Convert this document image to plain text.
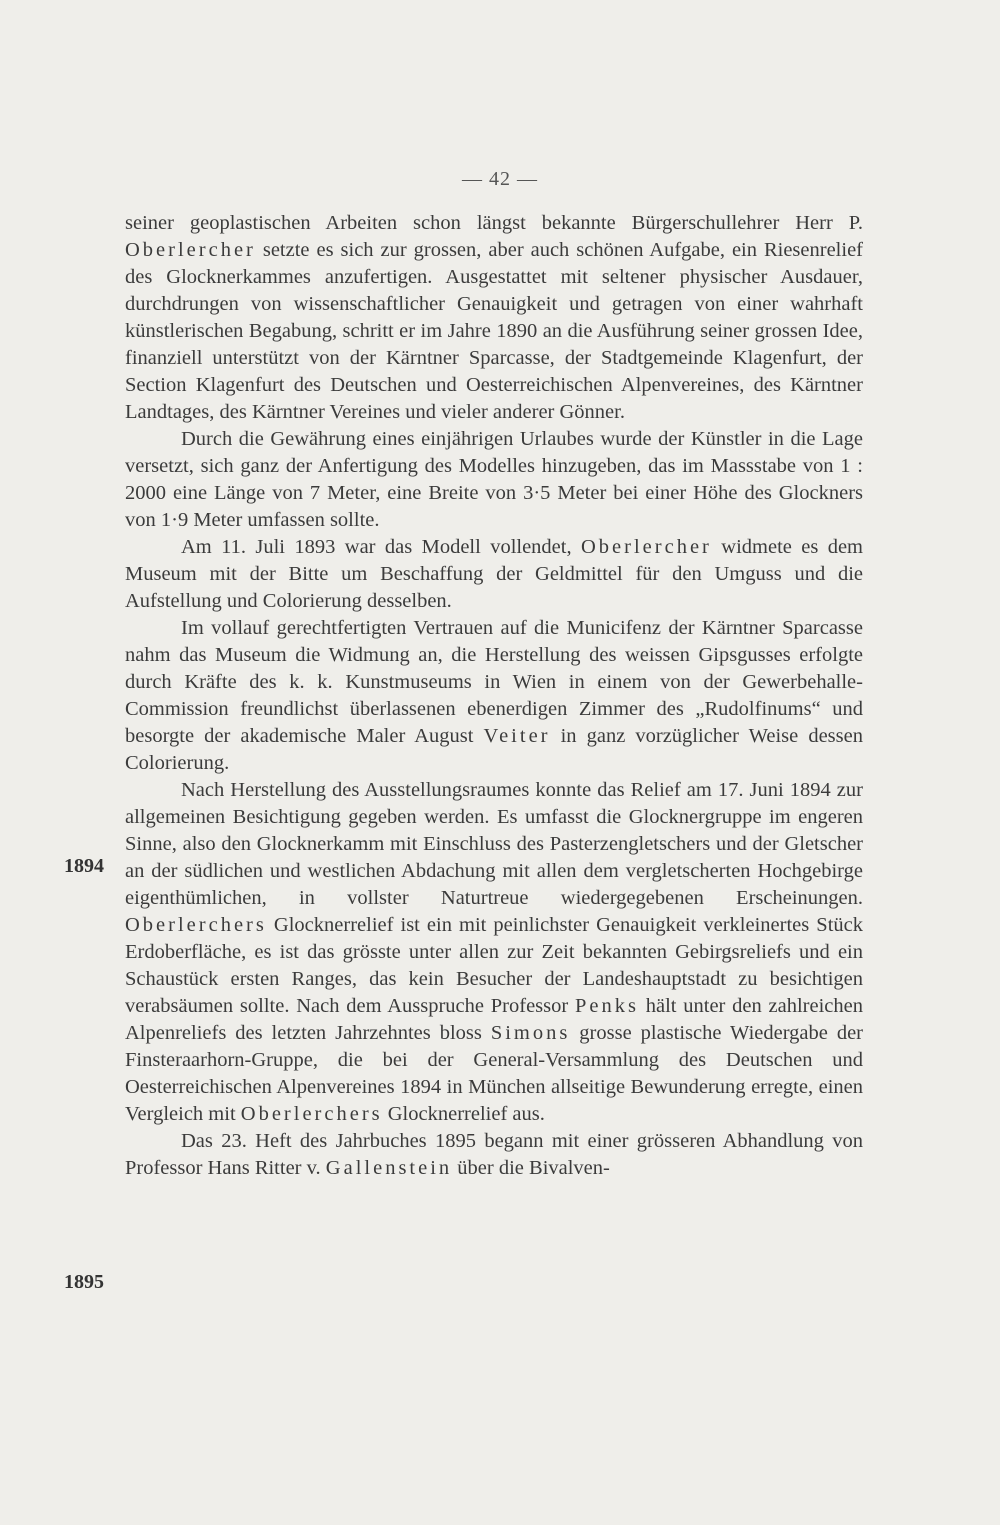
— 42 —
1894
1895

seiner geoplastischen Arbeiten schon längst bekannte Bürgerschullehrer Herr P. Oberlercher setzte es sich zur grossen, aber auch schönen Aufgabe, ein Riesenrelief des Glocknerkammes anzufertigen. Ausgestattet mit seltener physischer Ausdauer, durchdrungen von wissenschaftlicher Genauigkeit und getragen von einer wahrhaft künstlerischen Begabung, schritt er im Jahre 1890 an die Ausführung seiner grossen Idee, finanziell unterstützt von der Kärntner Sparcasse, der Stadtgemeinde Klagenfurt, der Section Klagenfurt des Deutschen und Oesterreichischen Alpenvereines, des Kärntner Landtages, des Kärntner Vereines und vieler anderer Gönner.

Durch die Gewährung eines einjährigen Urlaubes wurde der Künstler in die Lage versetzt, sich ganz der Anfertigung des Modelles hinzugeben, das im Massstabe von 1 : 2000 eine Länge von 7 Meter, eine Breite von 3·5 Meter bei einer Höhe des Glockners von 1·9 Meter umfassen sollte.

Am 11. Juli 1893 war das Modell vollendet, Oberlercher widmete es dem Museum mit der Bitte um Beschaffung der Geldmittel für den Umguss und die Aufstellung und Colorierung desselben.

Im vollauf gerechtfertigten Vertrauen auf die Municifenz der Kärntner Sparcasse nahm das Museum die Widmung an, die Herstellung des weissen Gipsgusses erfolgte durch Kräfte des k. k. Kunstmuseums in Wien in einem von der Gewerbehalle-Commission freundlichst überlassenen ebenerdigen Zimmer des „Rudolfinums“ und besorgte der akademische Maler August Veiter in ganz vorzüglicher Weise dessen Colorierung.

Nach Herstellung des Ausstellungsraumes konnte das Relief am 17. Juni 1894 zur allgemeinen Besichtigung gegeben werden. Es umfasst die Glocknergruppe im engeren Sinne, also den Glocknerkamm mit Einschluss des Pasterzengletschers und der Gletscher an der südlichen und westlichen Abdachung mit allen dem vergletscherten Hochgebirge eigenthümlichen, in vollster Naturtreue wiedergegebenen Erscheinungen. Oberlerchers Glocknerrelief ist ein mit peinlichster Genauigkeit verkleinertes Stück Erdoberfläche, es ist das grösste unter allen zur Zeit bekannten Gebirgsreliefs und ein Schaustück ersten Ranges, das kein Besucher der Landeshauptstadt zu besichtigen verabsäumen sollte. Nach dem Ausspruche Professor Penks hält unter den zahlreichen Alpenreliefs des letzten Jahrzehntes bloss Simons grosse plastische Wiedergabe der Finsteraarhorn-Gruppe, die bei der General-Versammlung des Deutschen und Oesterreichischen Alpenvereines 1894 in München allseitige Bewunderung erregte, einen Vergleich mit Oberlerchers Glocknerrelief aus.

Das 23. Heft des Jahrbuches 1895 begann mit einer grösseren Abhandlung von Professor Hans Ritter v. Gallenstein über die Bivalven-
